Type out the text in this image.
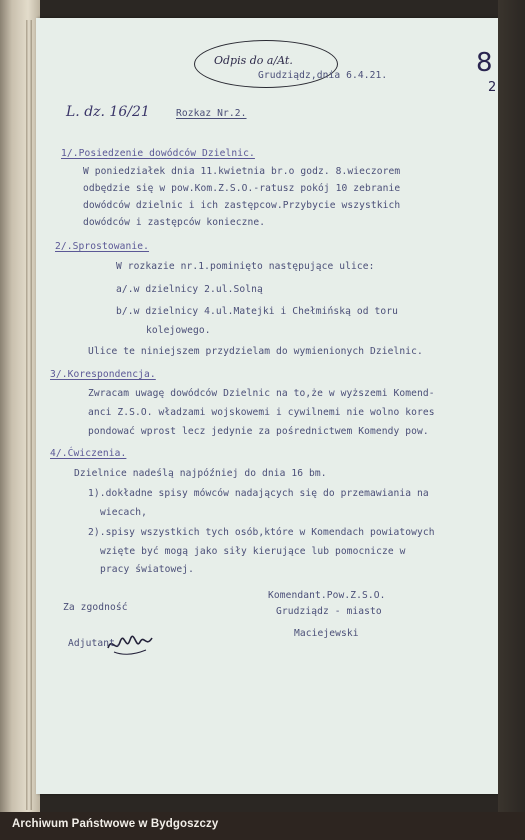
Odpis do a/At.	8
2
L. dz. 16/21
Grudziądz,dnia 6.4.21.
Rozkaz Nr.2.
1/.Posiedzenie dowódców Dzielnic.
W poniedziałek dnia 11.kwietnia br.o godz. 8.wieczorem
odbędzie się w pow.Kom.Z.S.O.-ratusz pokój 10 zebranie
dowódców dzielnic i ich zastępcow.Przybycie wszystkich
dowódców i zastępców konieczne.
2/.Sprostowanie.
W rozkazie nr.1.pominięto następujące ulice:
a/.w dzielnicy 2.ul.Solną
b/.w dzielnicy 4.ul.Matejki i Chełmińską od toru
kolejowego.
Ulice te niniejszem przydzielam do wymienionych Dzielnic.
3/.Korespondencja.
Zwracam uwagę dowódców Dzielnic na to,że w wyższemi Komend-
anci Z.S.O. władzami wojskowemi i cywilnemi nie wolno kores
pondować wprost lecz jedynie za pośrednictwem Komendy pow.
4/.Ćwiczenia.
Dzielnice nadeślą najpóźniej do dnia 16 bm.
1).dokładne spisy mówców nadających się do przemawiania na
wiecach,
2).spisy wszystkich tych osób,które w Komendach powiatowych
wzięte być mogą jako siły kierujące lub pomocnicze w
pracy światowej.
Za zgodność
Adjutant.
Komendant.Pow.Z.S.O.
Grudziądz - miasto
Maciejewski
Archiwum Państwowe w Bydgoszczy
